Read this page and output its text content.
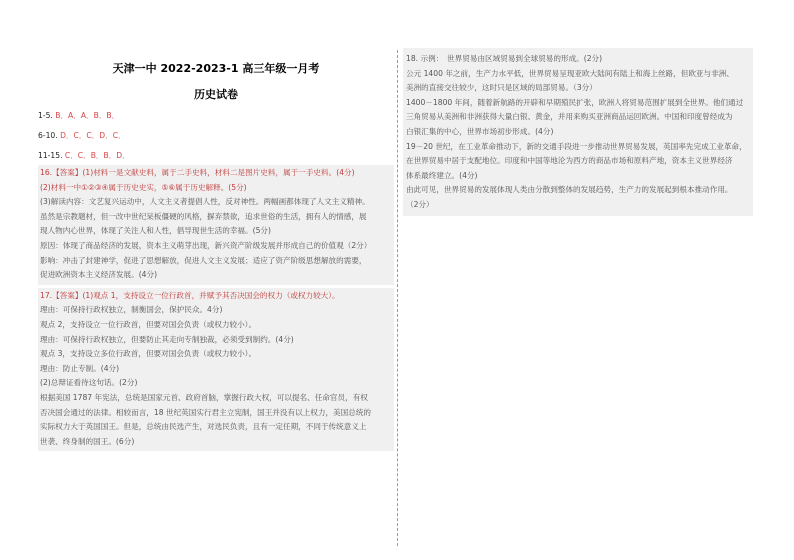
天津一中 2022-2023-1 高三年级一月考
历史试卷
1-5. B．A．A．B．B．
6-10. D．C．C．D．C．
11-15. C．C．B．B．D．

16.【答案】(1)材料一是文献史料，属于二手史料，材料二是图片史料，属于一手史料。(4分)

(2)材料一中①②③④属于历史史实，⑤⑥属于历史解释。(5分)

(3)解读内容：文艺复兴运动中，人文主义者提倡人性，反对神性。两幅画都体现了人文主义精神。

虽然是宗教题材，但一改中世纪呆板僵硬的风格，摒弃禁欲，追求世俗的生活，拥有人的情感，展

现人物内心世界，体现了关注人和人性，倡导现世生活的幸福。(5分)

原因：体现了商品经济的发展，资本主义萌芽出现，新兴资产阶级发展并形成自己的价值观（2分）

影响：冲击了封建神学，促进了思想解放，促进人文主义发展；适应了资产阶级思想解放的需要，

促进欧洲资本主义经济发展。(4分)

17.【答案】(1)观点 1，支持设立一位行政首，并赋予其否决国会的权力（或权力较大）。

理由：可保持行政权独立，制衡国会，保护民众。4分)

观点 2，支持设立一位行政首，但要对国会负责（或权力较小）。

理由：可保持行政权独立，但要防止其走向专制独裁，必须受到制约。(4分)

观点 3，支持设立多位行政首，但要对国会负责（或权力较小）。

理由：防止专制。(4分)

(2)总辩证看待这句话。(2分)

根据美国 1787 年宪法，总统是国家元首、政府首脑，掌握行政大权，可以提名、任命官员，有权

否决国会通过的法律。相较而言，18 世纪英国实行君主立宪制，国王并没有以上权力，美国总统的

实际权力大于英国国王。但是，总统由民选产生，对选民负责，且有一定任期，不同于传统意义上

世袭、终身制的国王。(6分)

18. 示例：　世界贸易由区域贸易到全球贸易的形成。(2分)

公元 1400 年之前，生产力水平低，世界贸易呈现亚欧大陆间有陆上和海上丝路，但欧亚与非洲、

美洲的直接交往较少，这时只是区域的局部贸易。（3分）

1400－1800 年间，随着新航路的开辟和早期殖民扩张，欧洲人将贸易范围扩展到全世界。他们通过

三角贸易从美洲和非洲获得大量白银、黄金，并用来购买亚洲商品运回欧洲。中国和印度曾经成为

白银汇集的中心，世界市场初步形成。(4分)

19－20 世纪，在工业革命推动下，新的交通手段进一步推动世界贸易发展，英国率先完成工业革命，

在世界贸易中居于支配地位。印度和中国等地沦为西方的商品市场和原料产地，资本主义世界经济

体系最终建立。(4分)

由此可见，世界贸易的发展体现人类由分散到整体的发展趋势，生产力的发展起到根本推动作用。

（2分）
